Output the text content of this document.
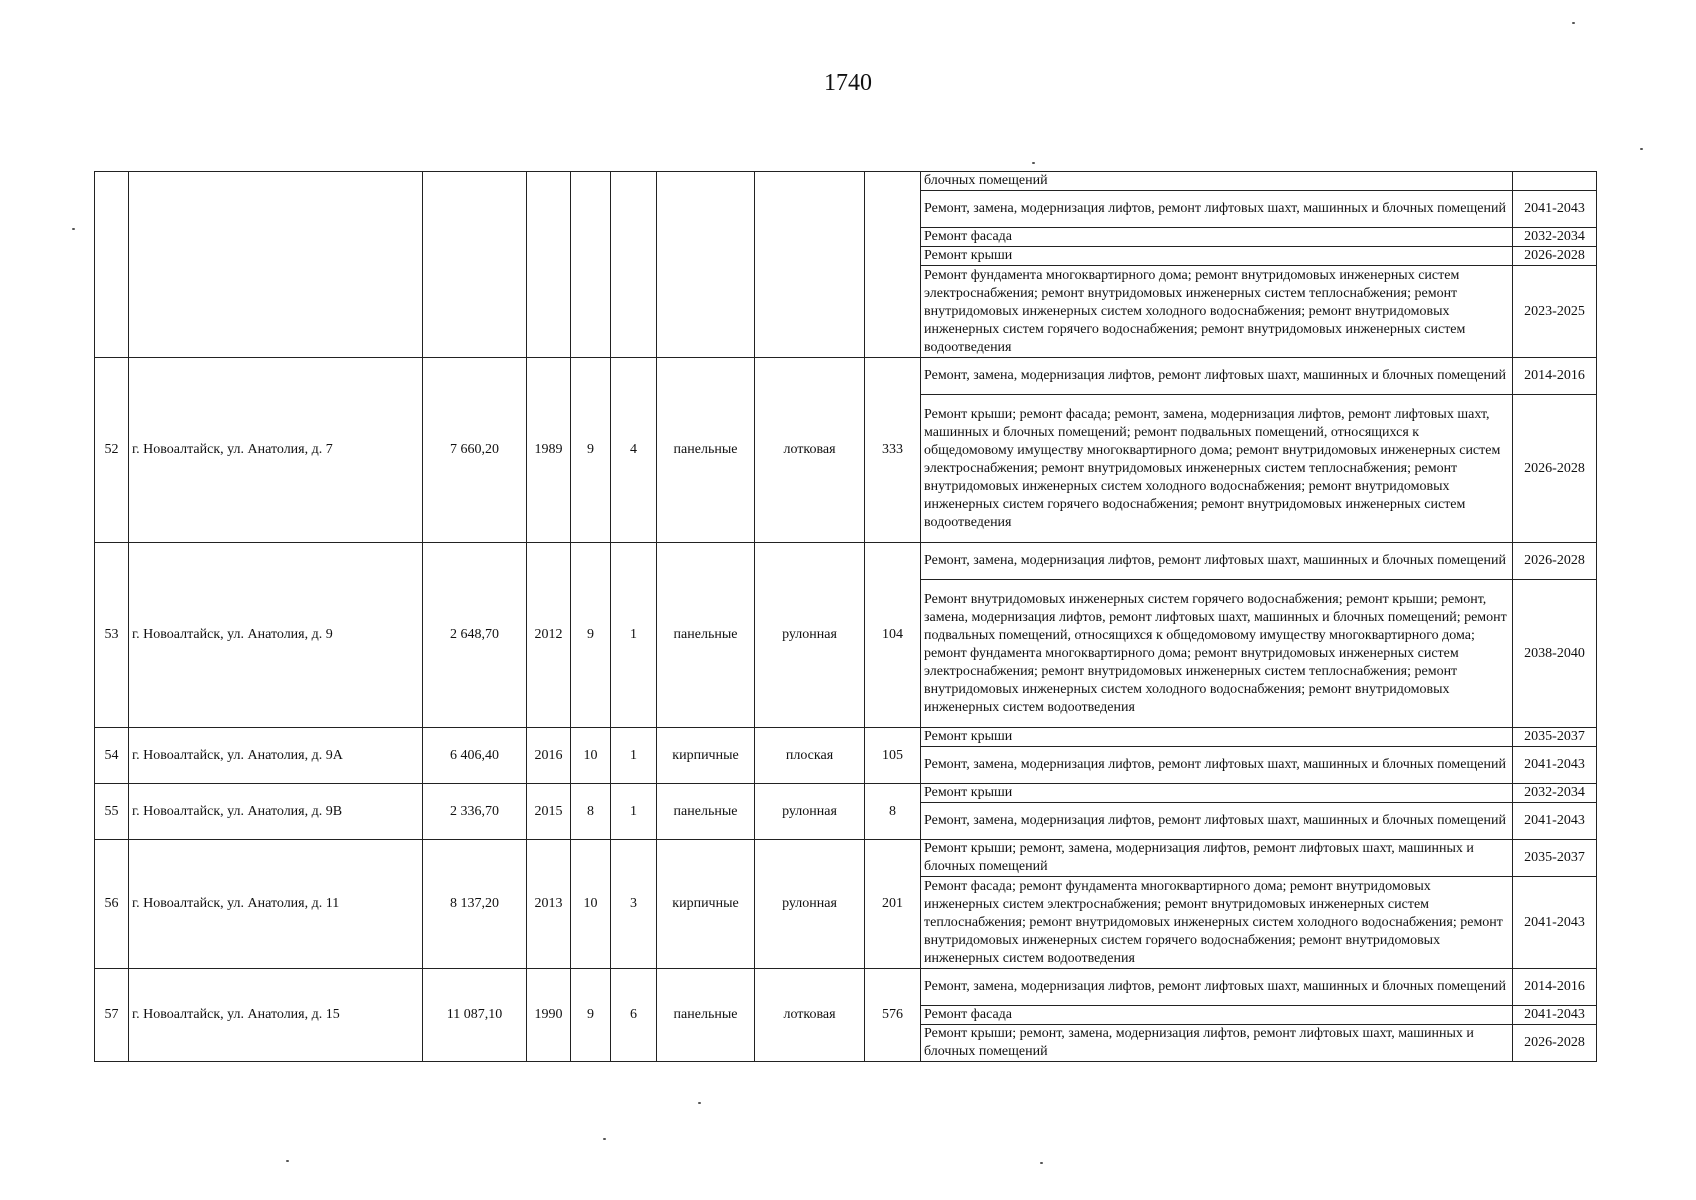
1740
									блочных помещений	
									Ремонт, замена, модернизация лифтов, ремонт лифтовых шахт, машинных и блочных помещений	2041-2043
									Ремонт фасада	2032-2034
									Ремонт крыши	2026-2028
									Ремонт фундамента многоквартирного дома; ремонт внутридомовых инженерных систем электроснабжения; ремонт внутридомовых инженерных систем теплоснабжения; ремонт внутридомовых инженерных систем холодного водоснабжения; ремонт внутридомовых инженерных систем горячего водоснабжения; ремонт внутридомовых инженерных систем водоотведения	2023-2025
52	г. Новоалтайск, ул. Анатолия, д. 7	7 660,20	1989	9	4	панельные	лотковая	333	Ремонт, замена, модернизация лифтов, ремонт лифтовых шахт, машинных и блочных помещений	2014-2016
									Ремонт крыши; ремонт фасада; ремонт, замена, модернизация лифтов, ремонт лифтовых шахт, машинных и блочных помещений; ремонт подвальных помещений, относящихся к общедомовому имуществу многоквартирного дома; ремонт внутридомовых инженерных систем электроснабжения; ремонт внутридомовых инженерных систем теплоснабжения; ремонт внутридомовых инженерных систем холодного водоснабжения; ремонт внутридомовых инженерных систем горячего водоснабжения; ремонт внутридомовых инженерных систем водоотведения	2026-2028
53	г. Новоалтайск, ул. Анатолия, д. 9	2 648,70	2012	9	1	панельные	рулонная	104	Ремонт, замена, модернизация лифтов, ремонт лифтовых шахт, машинных и блочных помещений	2026-2028
									Ремонт внутридомовых инженерных систем горячего водоснабжения; ремонт крыши; ремонт, замена, модернизация лифтов, ремонт лифтовых шахт, машинных и блочных помещений; ремонт подвальных помещений, относящихся к общедомовому имуществу многоквартирного дома; ремонт фундамента многоквартирного дома; ремонт внутридомовых инженерных систем электроснабжения; ремонт внутридомовых инженерных систем теплоснабжения; ремонт внутридомовых инженерных систем холодного водоснабжения; ремонт внутридомовых инженерных систем водоотведения	2038-2040
54	г. Новоалтайск, ул. Анатолия, д. 9А	6 406,40	2016	10	1	кирпичные	плоская	105	Ремонт крыши	2035-2037
									Ремонт, замена, модернизация лифтов, ремонт лифтовых шахт, машинных и блочных помещений	2041-2043
55	г. Новоалтайск, ул. Анатолия, д. 9В	2 336,70	2015	8	1	панельные	рулонная	8	Ремонт крыши	2032-2034
									Ремонт, замена, модернизация лифтов, ремонт лифтовых шахт, машинных и блочных помещений	2041-2043
56	г. Новоалтайск, ул. Анатолия, д. 11	8 137,20	2013	10	3	кирпичные	рулонная	201	Ремонт крыши; ремонт, замена, модернизация лифтов, ремонт лифтовых шахт, машинных и блочных помещений	2035-2037
									Ремонт фасада; ремонт фундамента многоквартирного дома; ремонт внутридомовых инженерных систем электроснабжения; ремонт внутридомовых инженерных систем теплоснабжения; ремонт внутридомовых инженерных систем холодного водоснабжения; ремонт внутридомовых инженерных систем горячего водоснабжения; ремонт внутридомовых инженерных систем водоотведения	2041-2043
57	г. Новоалтайск, ул. Анатолия, д. 15	11 087,10	1990	9	6	панельные	лотковая	576	Ремонт, замена, модернизация лифтов, ремонт лифтовых шахт, машинных и блочных помещений	2014-2016
									Ремонт фасада	2041-2043
									Ремонт крыши; ремонт, замена, модернизация лифтов, ремонт лифтовых шахт, машинных и блочных помещений	2026-2028
